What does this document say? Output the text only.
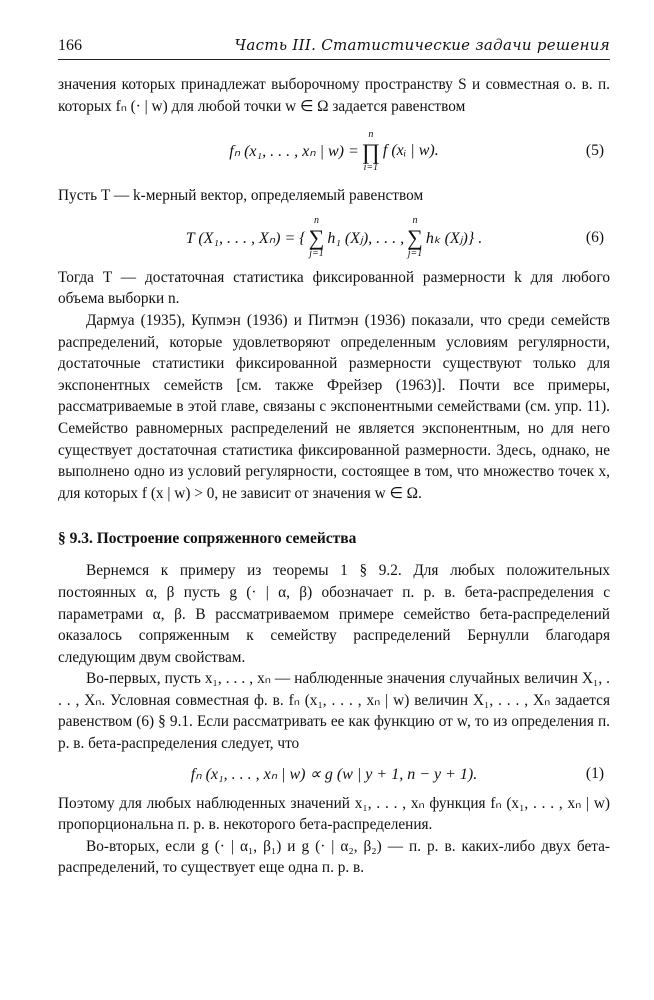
166	Часть III. Статистические задачи решения

значения которых принадлежат выборочному пространству S и совместная о. в. п. которых fₙ (· | w) для любой точки w ∈ Ω задается равенством

fₙ (x₁, . . . , xₙ | w) =
n
∏
i=1
f (xᵢ | w).	(5)

Пусть T — k-мерный вектор, определяемый равенством

T (X₁, . . . , Xₙ) = {
n
∑
j=1
h₁ (Xⱼ), . . . ,
n
∑
j=1
hₖ (Xⱼ)} .	(6)

Тогда T — достаточная статистика фиксированной размерности k для любого объема выборки n.

Дармуа (1935), Купмэн (1936) и Питмэн (1936) показали, что среди семейств распределений, которые удовлетворяют определенным условиям регулярности, достаточные статистики фиксированной размерности существуют только для экспонентных семейств [см. также Фрейзер (1963)]. Почти все примеры, рассматриваемые в этой главе, связаны с экспонентными семействами (см. упр. 11). Семейство равномерных распределений не является экспонентным, но для него существует достаточная статистика фиксированной размерности. Здесь, однако, не выполнено одно из условий регулярности, состоящее в том, что множество точек x, для которых f (x | w) > 0, не зависит от значения w ∈ Ω.

§ 9.3. Построение сопряженного семейства

Вернемся к примеру из теоремы 1 § 9.2. Для любых положительных постоянных α, β пусть g (· | α, β) обозначает п. р. в. бета-распределения с параметрами α, β. В рассматриваемом примере семейство бета-распределений оказалось сопряженным к семейству распределений Бернулли благодаря следующим двум свойствам.

Во-первых, пусть x₁, . . . , xₙ — наблюденные значения случайных величин X₁, . . . , Xₙ. Условная совместная ф. в. fₙ (x₁, . . . , xₙ | w) величин X₁, . . . , Xₙ задается равенством (6) § 9.1. Если рассматривать ее как функцию от w, то из определения п. р. в. бета-распределения следует, что

fₙ (x₁, . . . , xₙ | w) ∝ g (w | y + 1, n − y + 1).	(1)

Поэтому для любых наблюденных значений x₁, . . . , xₙ функция fₙ (x₁, . . . , xₙ | w) пропорциональна п. р. в. некоторого бета-распределения.

Во-вторых, если g (· | α₁, β₁) и g (· | α₂, β₂) — п. р. в. каких-либо двух бета-распределений, то существует еще одна п. р. в.
